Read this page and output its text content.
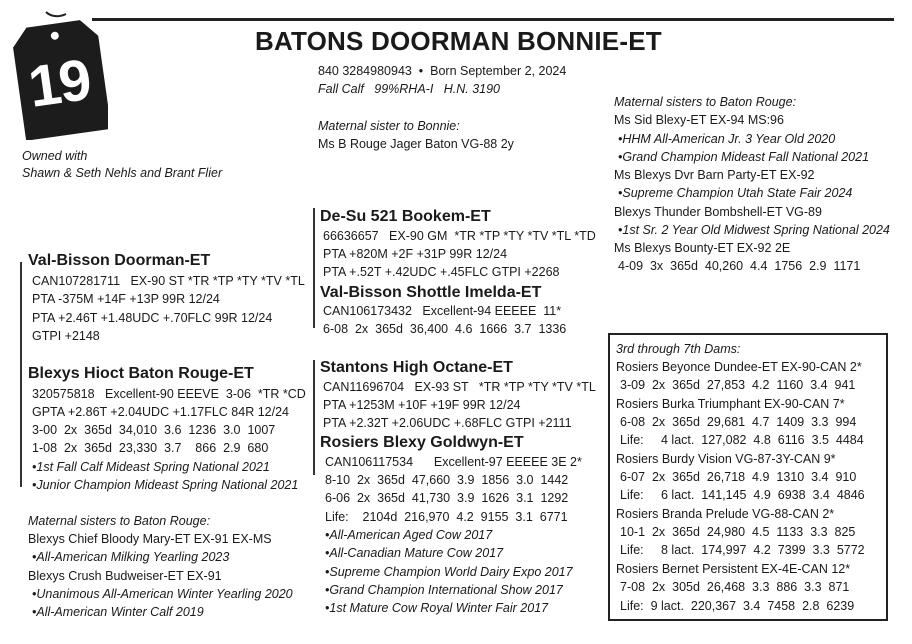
19
BATONS DOORMAN BONNIE-ET
840 3284980943  •  Born September 2, 2024
Fall Calf   99%RHA-I   H.N. 3190
Owned with
Shawn & Seth Nehls and Brant Flier
Maternal sister to Bonnie:
Ms B Rouge Jager Baton VG-88 2y
Val-Bisson Doorman-ET
CAN107281711   EX-90 ST *TR *TP *TY *TV *TL
PTA -375M +14F +13P 99R 12/24
PTA +2.46T +1.48UDC +.70FLC 99R 12/24
GTPI +2148
De-Su 521 Bookem-ET
66636657   EX-90 GM  *TR *TP *TY *TV *TL *TD
PTA +820M +2F +31P 99R 12/24
PTA +.52T +.42UDC +.45FLC GTPI +2268
Val-Bisson Shottle Imelda-ET
CAN106173432   Excellent-94 EEEEE  11*
6-08  2x  365d  36,400  4.6  1666  3.7  1336
Blexys Hioct Baton Rouge-ET
320575818   Excellent-90 EEEVE  3-06  *TR *CD
GPTA +2.86T +2.04UDC +1.17FLC 84R 12/24
3-00  2x  365d  34,010  3.6  1236  3.0  1007
1-08  2x  365d  23,330  3.7    866  2.9  680
•1st Fall Calf Mideast Spring National 2021
•Junior Champion Mideast Spring National 2021
Maternal sisters to Baton Rouge:
Blexys Chief Bloody Mary-ET EX-91 EX-MS
•All-American Milking Yearling 2023
Blexys Crush Budweiser-ET EX-91
•Unanimous All-American Winter Yearling 2020
•All-American Winter Calf 2019
Stantons High Octane-ET
CAN11696704   EX-93 ST   *TR *TP *TY *TV *TL
PTA +1253M +10F +19F 99R 12/24
PTA +2.32T +2.06UDC +.68FLC GTPI +2111
Rosiers Blexy Goldwyn-ET
CAN106117534      Excellent-97 EEEEE 3E 2*
8-10  2x  365d  47,660  3.9  1856  3.0  1442
6-06  2x  365d  41,730  3.9  1626  3.1  1292
Life:    2104d  216,970  4.2  9155  3.1  6771
•All-American Aged Cow 2017
•All-Canadian Mature Cow 2017
•Supreme Champion World Dairy Expo 2017
•Grand Champion International Show 2017
•1st Mature Cow Royal Winter Fair 2017
Maternal sisters to Baton Rouge:
Ms Sid Blexy-ET EX-94 MS:96
•HHM All-American Jr. 3 Year Old 2020
•Grand Champion Mideast Fall National 2021
Ms Blexys Dvr Barn Party-ET EX-92
•Supreme Champion Utah State Fair 2024
Blexys Thunder Bombshell-ET VG-89
•1st Sr. 2 Year Old Midwest Spring National 2024
Ms Blexys Bounty-ET EX-92 2E
4-09  3x  365d  40,260  4.4  1756  2.9  1171
3rd through 7th Dams:
Rosiers Beyonce Dundee-ET EX-90-CAN 2*
3-09  2x  365d  27,853  4.2  1160  3.4  941
Rosiers Burka Triumphant EX-90-CAN 7*
6-08  2x  365d  29,681  4.7  1409  3.3  994
Life:     4 lact.  127,082  4.8  6116  3.5  4484
Rosiers Burdy Vision VG-87-3Y-CAN 9*
6-07  2x  365d  26,718  4.9  1310  3.4  910
Life:     6 lact.  141,145  4.9  6938  3.4  4846
Rosiers Branda Prelude VG-88-CAN 2*
10-1  2x  365d  24,980  4.5  1133  3.3  825
Life:     8 lact.  174,997  4.2  7399  3.3  5772
Rosiers Bernet Persistent EX-4E-CAN 12*
7-08  2x  305d  26,468  3.3  886  3.3  871
Life:  9 lact.  220,367  3.4  7458  2.8  6239
